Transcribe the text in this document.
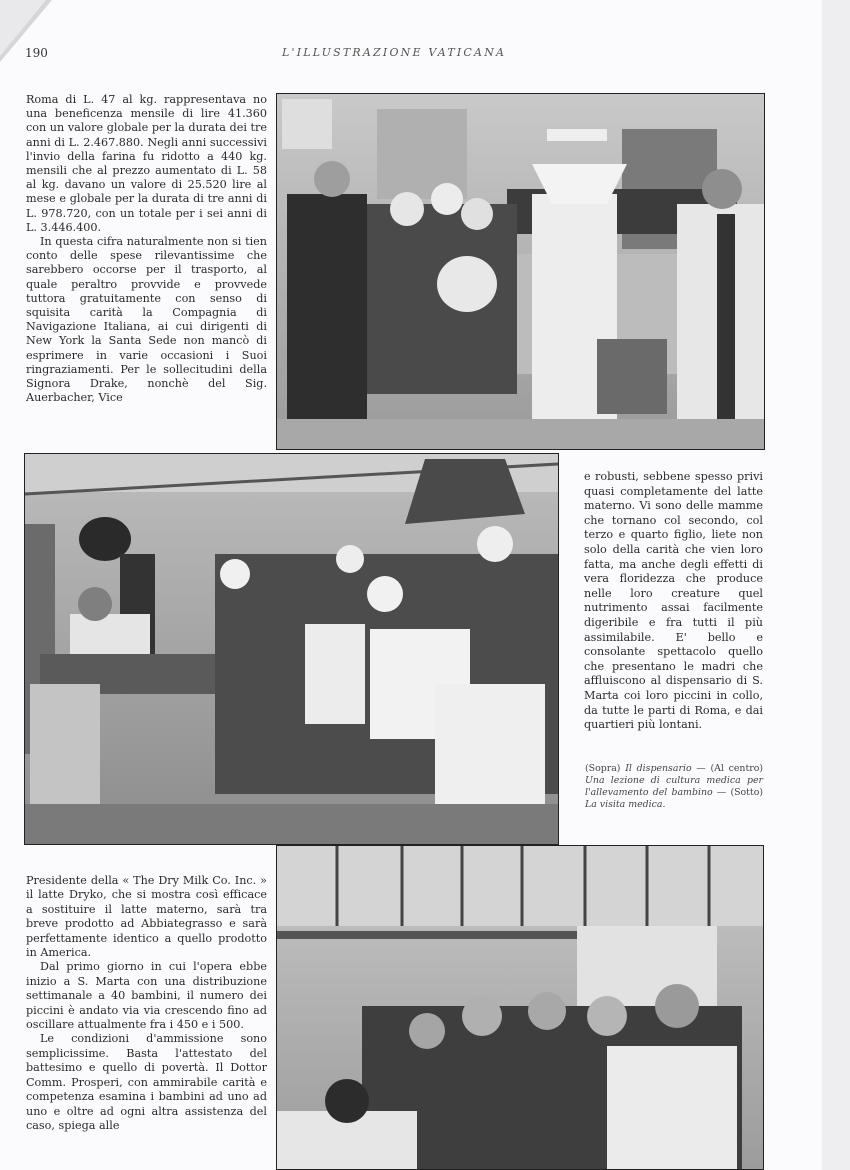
190	L'ILLUSTRAZIONE VATICANA

Roma di L. 47 al kg. rappresentava no una beneficenza mensile di lire 41.360 con un valore globale per la durata dei tre anni di L. 2.467.880. Negli anni successivi l'invio della farina fu ridotto a 440 kg. mensili che al prezzo aumentato di L. 58 al kg. davano un valore di 25.520 lire al mese e globale per la durata di tre anni di L. 978.720, con un totale per i sei anni di L. 3.446.400.

In questa cifra naturalmente non si tien conto delle spese rilevantissime che sarebbero occorse per il trasporto, al quale peraltro provvide e provvede tuttora gratuitamente con senso di squisita carità la Compagnia di Navigazione Italiana, ai cui dirigenti di New York la Santa Sede non mancò di esprimere in varie occasioni i Suoi ringraziamenti. Per le sollecitudini della Signora Drake, nonchè del Sig. Auerbacher, Vice

e robusti, sebbene spesso privi quasi completamente del latte materno. Vi sono delle mamme che tornano col secondo, col terzo e quarto figlio, liete non solo della carità che vien loro fatta, ma anche degli effetti di vera floridezza che produce nelle loro creature quel nutrimento assai facilmente digeribile e fra tutti il più assimilabile. E' bello e consolante spettacolo quello che presentano le madri che affluiscono al dispensario di S. Marta coi loro piccini in collo, da tutte le parti di Roma, e dai quartieri più lontani.

(Sopra) Il dispensario — (Al centro) Una lezione di cultura medica per l'allevamento del bambino — (Sotto) La visita medica.

Presidente della « The Dry Milk Co. Inc. » il latte Dryko, che si mostra così efficace a sostituire il latte materno, sarà tra breve prodotto ad Abbiategrasso e sarà perfettamente identico a quello prodotto in America.

Dal primo giorno in cui l'opera ebbe inizio a S. Marta con una distribuzione settimanale a 40 bambini, il numero dei piccini è andato via via crescendo fino ad oscillare attualmente fra i 450 e i 500.

Le condizioni d'ammissione sono semplicissime. Basta l'attestato del battesimo e quello di povertà. Il Dottor Comm. Prosperi, con ammirabile carità e competenza esamina i bambini ad uno ad uno e oltre ad ogni altra assistenza del caso, spiega alle
